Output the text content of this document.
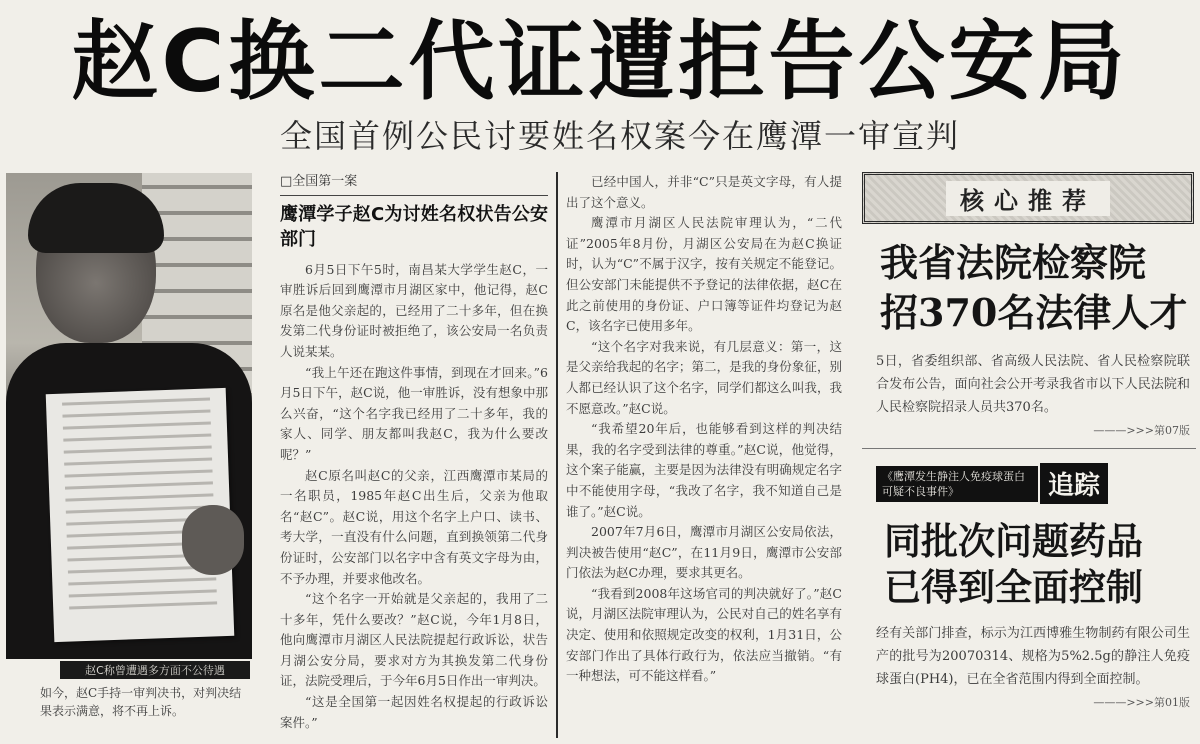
赵C换二代证遭拒告公安局
全国首例公民讨要姓名权案今在鹰潭一审宣判
赵C称曾遭遇多方面不公待遇
如今，赵C手持一审判决书，对判决结果表示满意，将不再上诉。
□全国第一案
鹰潭学子赵C为讨姓名权状告公安部门

6月5日下午5时，南昌某大学学生赵C，一审胜诉后回到鹰潭市月湖区家中，他记得，赵C原名是他父亲起的，已经用了二十多年，但在换发第二代身份证时被拒绝了，该公安局一名负责人说某某。

“我上午还在跑这件事情，到现在才回来。”6月5日下午，赵C说，他一审胜诉，没有想象中那么兴奋，“这个名字我已经用了二十多年，我的家人、同学、朋友都叫我赵C，我为什么要改呢？”

赵C原名叫赵C的父亲，江西鹰潭市某局的一名职员，1985年赵C出生后，父亲为他取名“赵C”。赵C说，用这个名字上户口、读书、考大学，一直没有什么问题，直到换领第二代身份证时，公安部门以名字中含有英文字母为由，不予办理，并要求他改名。

“这个名字一开始就是父亲起的，我用了二十多年，凭什么要改？”赵C说，今年1月8日，他向鹰潭市月湖区人民法院提起行政诉讼，状告月湖公安分局，要求对方为其换发第二代身份证，法院受理后，于今年6月5日作出一审判决。

“这是全国第一起因姓名权提起的行政诉讼案件。”

已经中国人，并非“C”只是英文字母，有人提出了这个意义。

鹰潭市月湖区人民法院审理认为，“二代证”2005年8月份，月湖区公安局在为赵C换证时，认为“C”不属于汉字，按有关规定不能登记。但公安部门未能提供不予登记的法律依据，赵C在此之前使用的身份证、户口簿等证件均登记为赵C，该名字已使用多年。

“这个名字对我来说，有几层意义：第一，这是父亲给我起的名字；第二，是我的身份象征，别人都已经认识了这个名字，同学们都这么叫我，我不愿意改。”赵C说。

“我希望20年后，也能够看到这样的判决结果，我的名字受到法律的尊重。”赵C说，他觉得，这个案子能赢，主要是因为法律没有明确规定名字中不能使用字母，“我改了名字，我不知道自己是谁了。”赵C说。

2007年7月6日，鹰潭市月湖区公安局依法，判决被告使用“赵C”，在11月9日，鹰潭市公安部门依法为赵C办理，要求其更名。

“我看到2008年这场官司的判决就好了。”赵C说，月湖区法院审理认为，公民对自己的姓名享有决定、使用和依照规定改变的权利，1月31日，公安部门作出了具体行政行为，依法应当撤销。“有一种想法，可不能这样看。”

核心推荐
我省法院检察院
招370名法律人才
5日，省委组织部、省高级人民法院、省人民检察院联合发布公告，面向社会公开考录我省市以下人民法院和人民检察院招录人员共370名。
———>>>第07版
《鹰潭发生静注人免疫球蛋白可疑不良事件》	追踪
同批次问题药品
已得到全面控制
经有关部门排查，标示为江西博雅生物制药有限公司生产的批号为20070314、规格为5%2.5g的静注人免疫球蛋白(PH4)，已在全省范围内得到全面控制。
———>>>第01版
